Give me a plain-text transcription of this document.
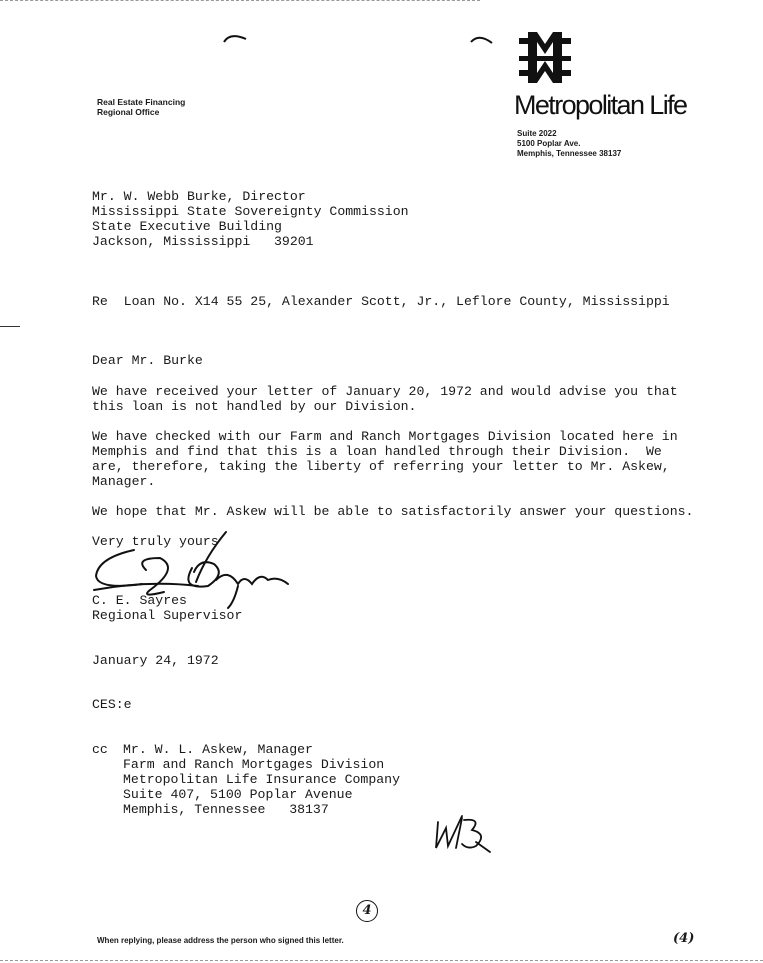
Real Estate Financing
Regional Office	Metropolitan Life
Suite 2022
5100 Poplar Ave.
Memphis, Tennessee 38137
Mr. W. Webb Burke, Director
Mississippi State Sovereignty Commission
State Executive Building
Jackson, Mississippi   39201
Re  Loan No. X14 55 25, Alexander Scott, Jr., Leflore County, Mississippi
Dear Mr. Burke
We have received your letter of January 20, 1972 and would advise you that
this loan is not handled by our Division.
We have checked with our Farm and Ranch Mortgages Division located here in
Memphis and find that this is a loan handled through their Division.  We
are, therefore, taking the liberty of referring your letter to Mr. Askew,
Manager.
We hope that Mr. Askew will be able to satisfactorily answer your questions.
Very truly yours
C. E. Sayres
Regional Supervisor
January 24, 1972
CES:e
cc Mr. W. L. Askew, Manager
Farm and Ranch Mortgages Division
Metropolitan Life Insurance Company
Suite 407, 5100 Poplar Avenue
Memphis, Tennessee   38137
4
When replying, please address the person who signed this letter.	(4)
